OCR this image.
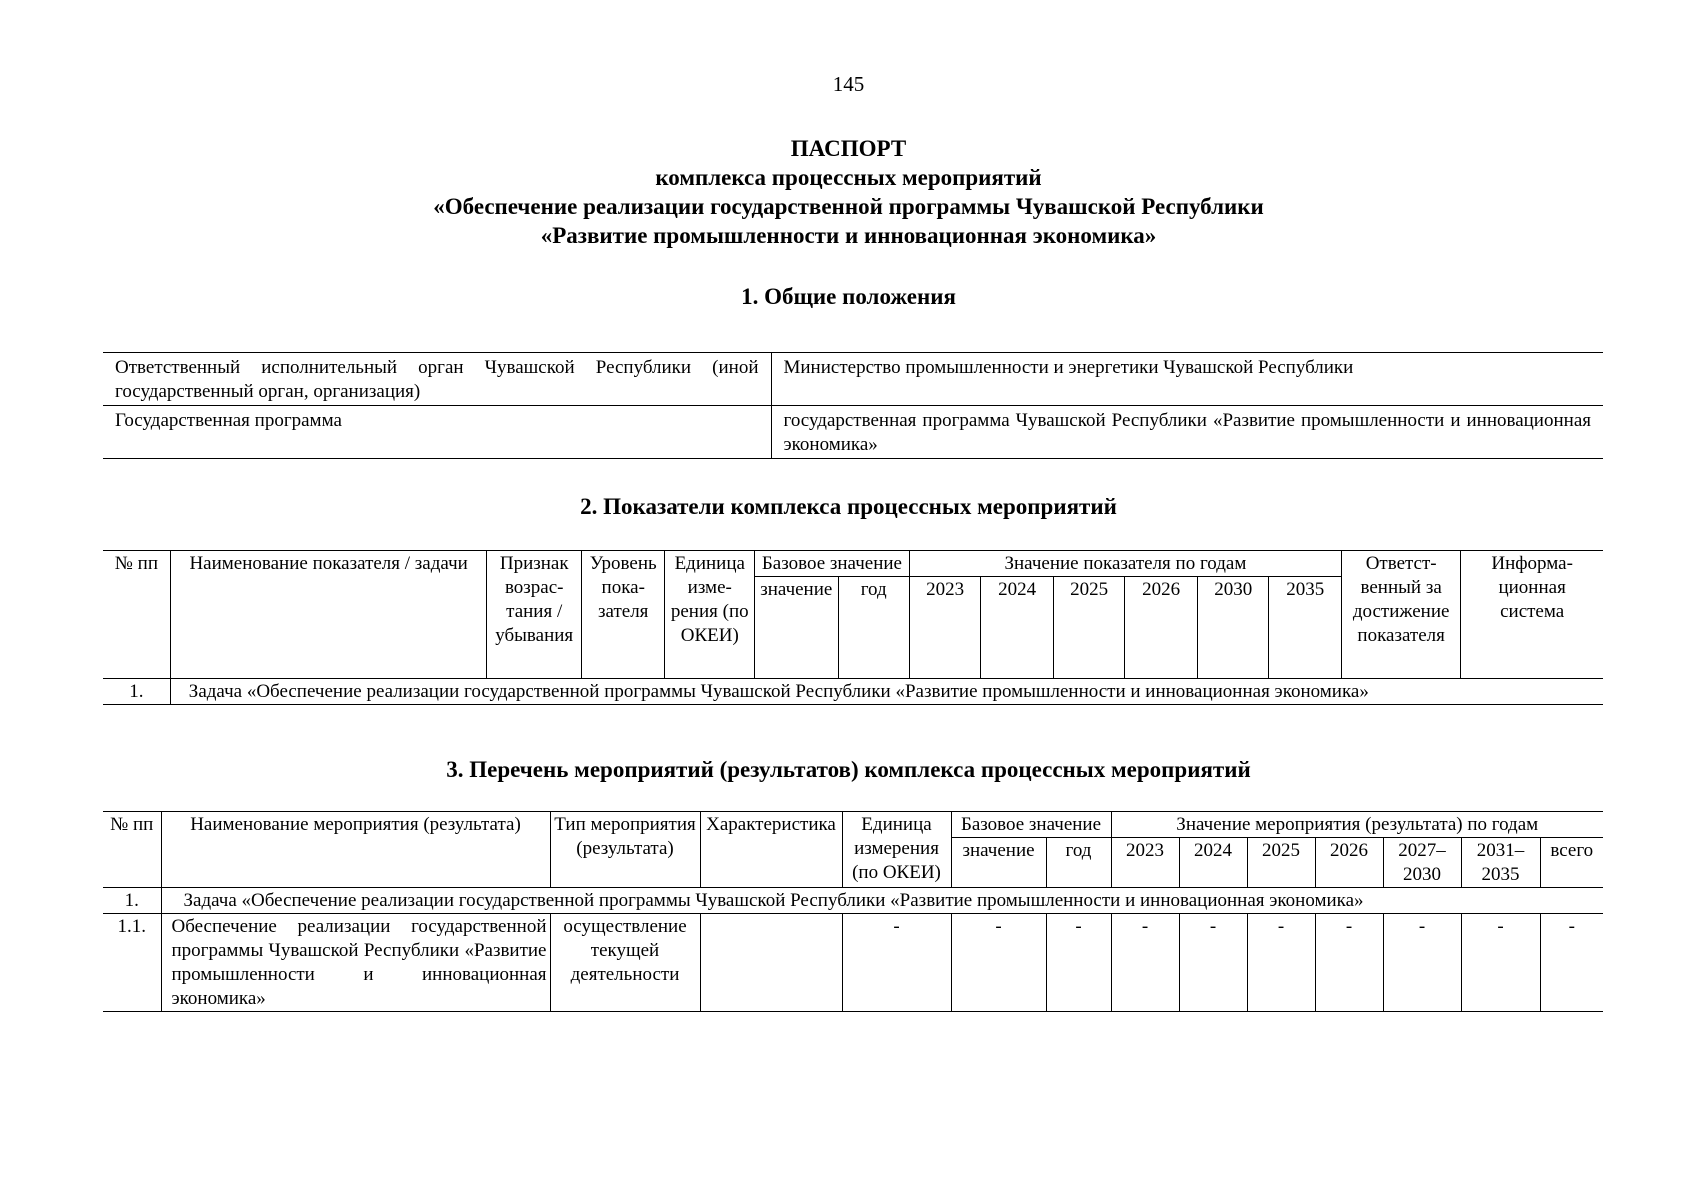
145
ПАСПОРТ
комплекса процессных мероприятий
«Обеспечение реализации государственной программы Чувашской Республики
«Развитие промышленности и инновационная экономика»
1. Общие положения
Ответственный исполнительный орган Чувашской Республики (иной государственный орган, организация)	Министерство промышленности и энергетики Чувашской Республики
Государственная программа	государственная программа Чувашской Республики «Развитие промышленности и инновационная экономика»
2. Показатели комплекса процессных мероприятий
№ пп	Наименование показателя / задачи	Признак возрастания / убывания	Уровень показателя	Единица измерения (по ОКЕИ)	Базовое значение		Значение показателя по годам						Ответственный за достижение показателя	Информационная система
					значение	год	2023	2024	2025	2026	2030	2035		
1.	Задача «Обеспечение реализации государственной программы Чувашской Республики «Развитие промышленности и инновационная экономика»													
3. Перечень мероприятий (результатов) комплекса процессных мероприятий
№ пп	Наименование мероприятия (результата)	Тип мероприятия (результата)	Характеристика	Единица измерения (по ОКЕИ)	Базовое значение		Значение мероприятия (результата) по годам						
					значение	год	2023	2024	2025	2026	2027–2030	2031–2035	всего
1.	Задача «Обеспечение реализации государственной программы Чувашской Республики «Развитие промышленности и инновационная экономика»												
1.1.	Обеспечение реализации государственной программы Чувашской Республики «Развитие промышленности и инновационная экономика»	осуществление текущей деятельности		-	-	-	-	-	-	-	-	-	-
